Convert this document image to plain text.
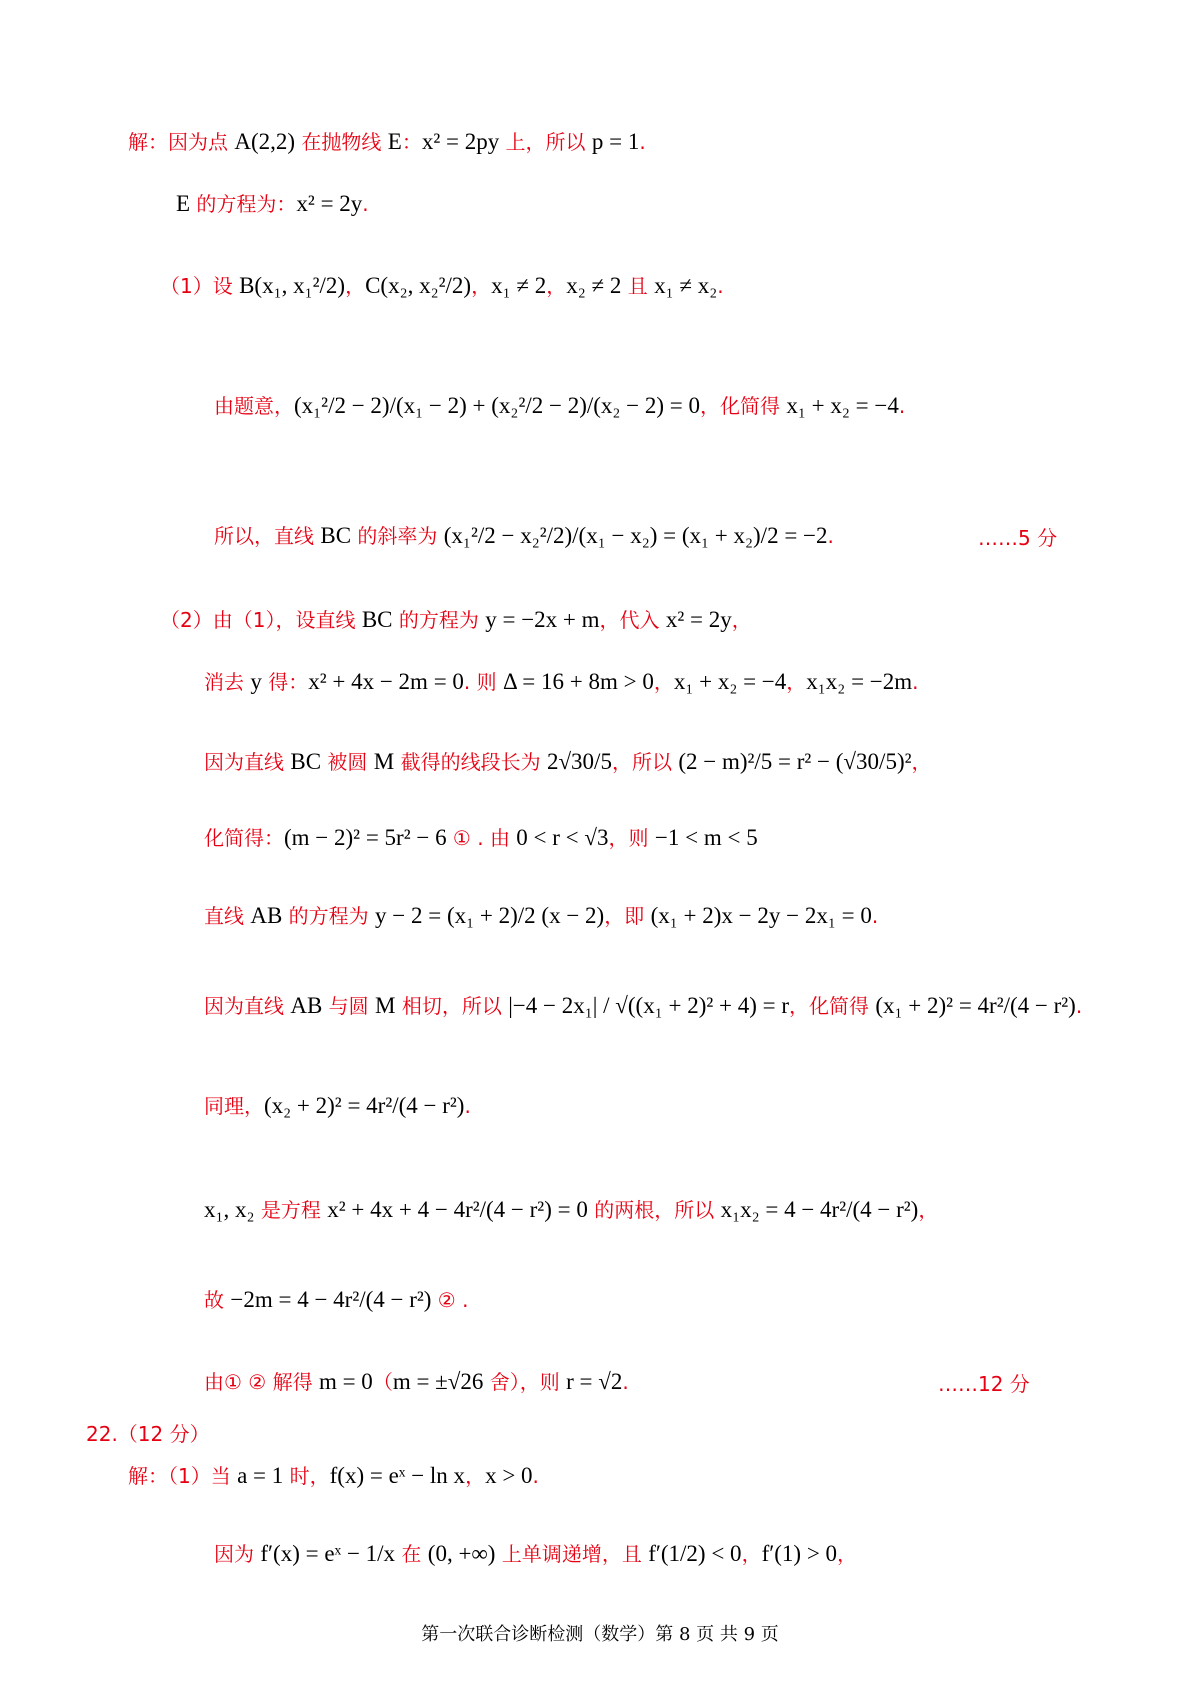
解：因为点 A(2,2) 在抛物线 E：x² = 2py 上，所以 p = 1.
E 的方程为：x² = 2y.
（1）设 B(x₁, x₁²/2)，C(x₂, x₂²/2)，x₁ ≠ 2，x₂ ≠ 2 且 x₁ ≠ x₂.
由题意，(x₁²/2 − 2)/(x₁ − 2) + (x₂²/2 − 2)/(x₂ − 2) = 0，化简得 x₁ + x₂ = −4.
所以，直线 BC 的斜率为 (x₁²/2 − x₂²/2)/(x₁ − x₂) = (x₁ + x₂)/2 = −2.
（2）由（1），设直线 BC 的方程为 y = −2x + m，代入 x² = 2y，
消去 y 得：x² + 4x − 2m = 0. 则 Δ = 16 + 8m > 0，x₁ + x₂ = −4，x₁x₂ = −2m.
因为直线 BC 被圆 M 截得的线段长为 2√30/5，所以 (2 − m)²/5 = r² − (√30/5)²，
化简得：(m − 2)² = 5r² − 6 ① . 由 0 < r < √3，则 −1 < m < 5
直线 AB 的方程为 y − 2 = (x₁ + 2)/2 (x − 2)，即 (x₁ + 2)x − 2y − 2x₁ = 0.
因为直线 AB 与圆 M 相切，所以 |−4 − 2x₁| / √((x₁ + 2)² + 4) = r，化简得 (x₁ + 2)² = 4r²/(4 − r²).
同理，(x₂ + 2)² = 4r²/(4 − r²).
x₁, x₂ 是方程 x² + 4x + 4 − 4r²/(4 − r²) = 0 的两根，所以 x₁x₂ = 4 − 4r²/(4 − r²)，
故 −2m = 4 − 4r²/(4 − r²) ② .
由① ② 解得 m = 0（m = ±√26 舍），则 r = √2.
解：（1）当 a = 1 时，f(x) = eˣ − ln x，x > 0.
因为 f′(x) = eˣ − 1/x 在 (0, +∞) 上单调递增，且 f′(1/2) < 0，f′(1) > 0，
……5 分
……12 分
22.（12 分）
第一次联合诊断检测（数学）第 8 页 共 9 页
